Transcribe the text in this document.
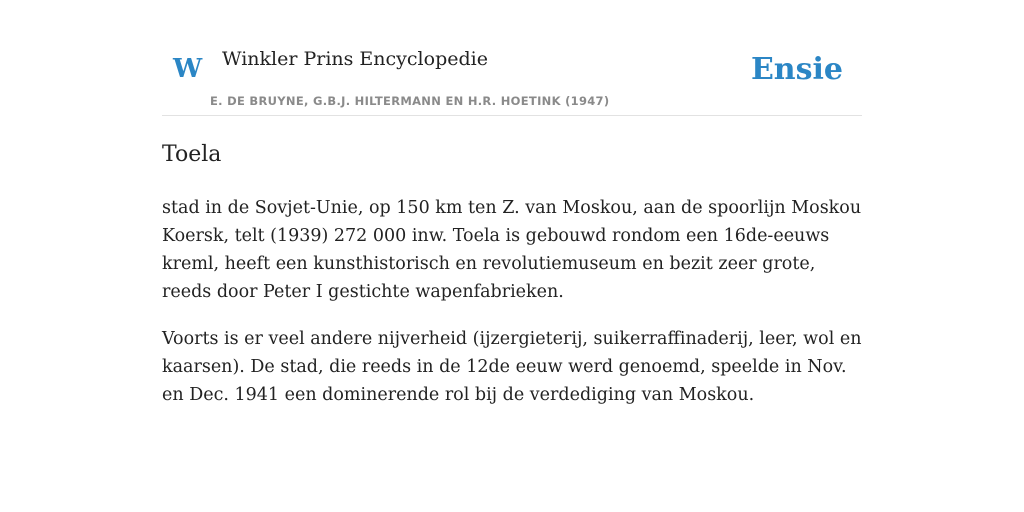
W Winkler Prins Encyclopedie
E. DE BRUYNE, G.B.J. HILTERMANN EN H.R. HOETINK (1947)
Ensie
Toela

stad in de Sovjet-Unie, op 150 km ten Z. van Moskou, aan de spoorlijn Moskou Koersk, telt (1939) 272 000 inw. Toela is gebouwd rondom een 16de-eeuws kreml, heeft een kunsthistorisch en revolutiemuseum en bezit zeer grote, reeds door Peter I gestichte wapenfabrieken.

Voorts is er veel andere nijverheid (ijzergieterij, suikerraffinaderij, leer, wol en kaarsen). De stad, die reeds in de 12de eeuw werd genoemd, speelde in Nov. en Dec. 1941 een dominerende rol bij de verdediging van Moskou.
